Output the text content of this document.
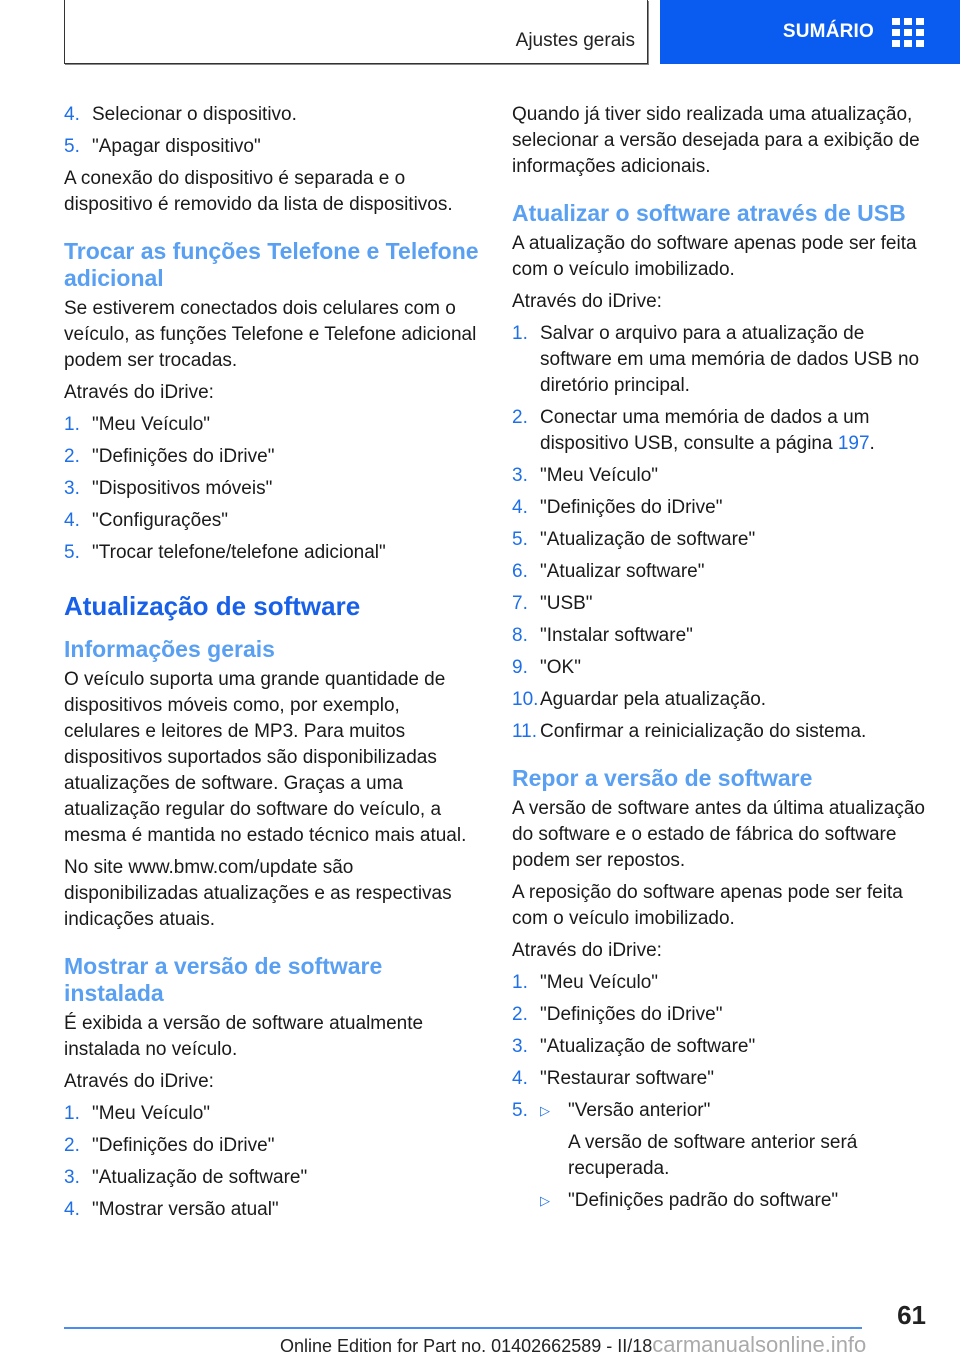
Ajustes gerais	SUMÁRIO
4. Selecionar o dispositivo.
5. "Apagar dispositivo"

A conexão do dispositivo é separada e o dispositivo é removido da lista de dispositivos.

Trocar as funções Telefone e Telefone adicional

Se estiverem conectados dois celulares com o veículo, as funções Telefone e Telefone adicional podem ser trocadas.

Através do iDrive:

1. "Meu Veículo"
2. "Definições do iDrive"
3. "Dispositivos móveis"
4. "Configurações"
5. "Trocar telefone/telefone adicional"
Atualização de software
Informações gerais

O veículo suporta uma grande quantidade de dispositivos móveis como, por exemplo, celulares e leitores de MP3. Para muitos dispositivos suportados são disponibilizadas atualizações de software. Graças a uma atualização regular do software do veículo, a mesma é mantida no estado técnico mais atual.

No site www.bmw.com/update são disponibilizadas atualizações e as respectivas indicações atuais.

Mostrar a versão de software instalada

É exibida a versão de software atualmente instalada no veículo.

Através do iDrive:

1. "Meu Veículo"
2. "Definições do iDrive"
3. "Atualização de software"
4. "Mostrar versão atual"

Quando já tiver sido realizada uma atualização, selecionar a versão desejada para a exibição de informações adicionais.

Atualizar o software através de USB

A atualização do software apenas pode ser feita com o veículo imobilizado.

Através do iDrive:

1. Salvar o arquivo para a atualização de software em uma memória de dados USB no diretório principal.
2. Conectar uma memória de dados a um dispositivo USB, consulte a página 197.
3. "Meu Veículo"
4. "Definições do iDrive"
5. "Atualização de software"
6. "Atualizar software"
7. "USB"
8. "Instalar software"
9. "OK"
10. Aguardar pela atualização.
11. Confirmar a reinicialização do sistema.
Repor a versão de software

A versão de software antes da última atualização do software e o estado de fábrica do software podem ser repostos.

A reposição do software apenas pode ser feita com o veículo imobilizado.

Através do iDrive:

1. "Meu Veículo"
2. "Definições do iDrive"
3. "Atualização de software"
4. "Restaurar software"
5. ▷ "Versão anterior"

A versão de software anterior será recuperada.

▷ "Definições padrão do software"
61
Online Edition for Part no. 01402662589 - II/18carmanualsonline.info
